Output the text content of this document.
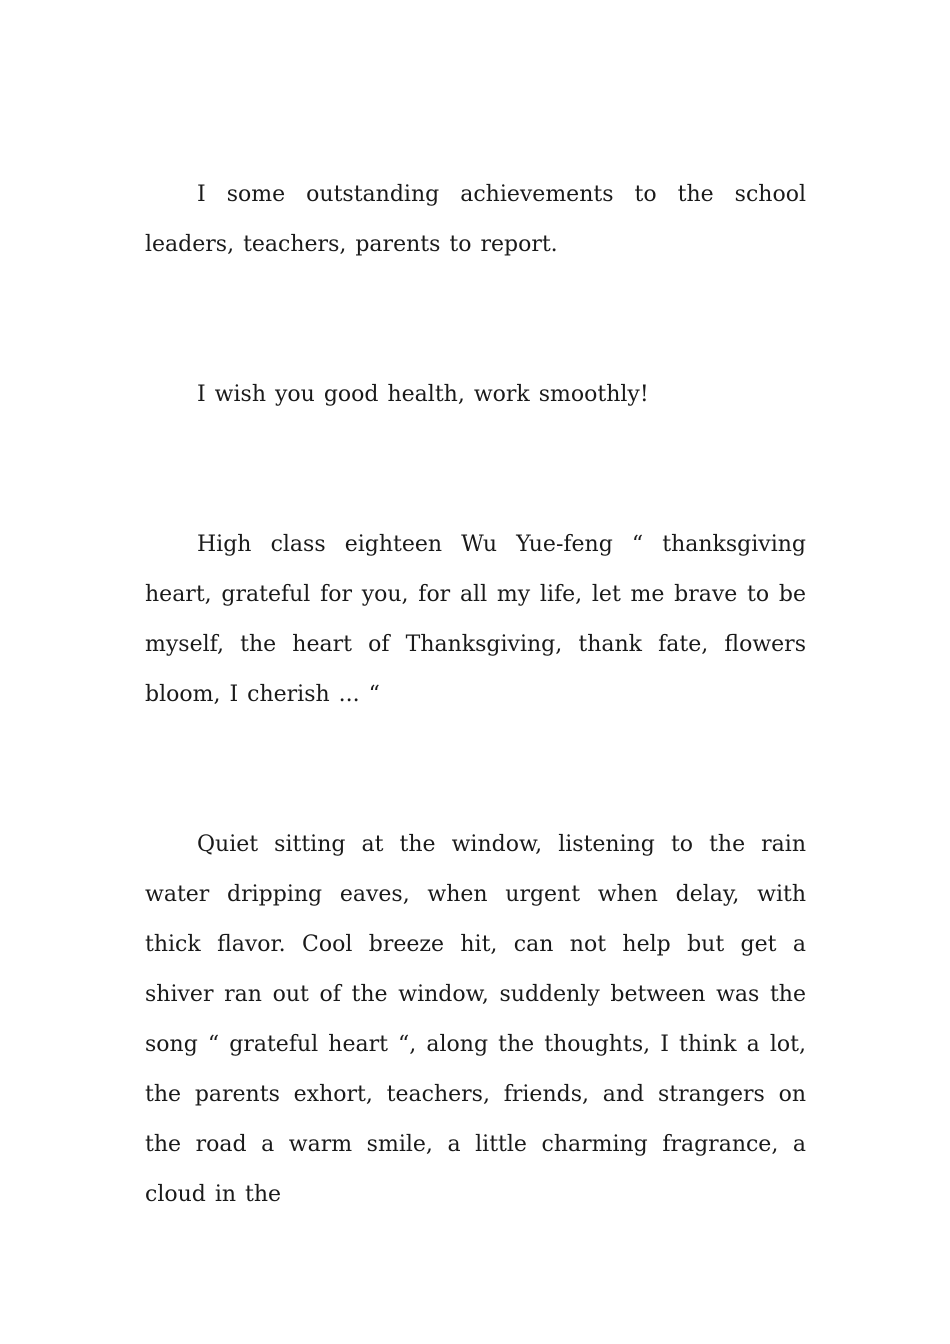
I some outstanding achievements to the school leaders, teachers, parents to report.

I wish you good health, work smoothly!

High class eighteen Wu Yue-feng “ thanksgiving heart, grateful for you, for all my life, let me brave to be myself, the heart of Thanksgiving, thank fate, flowers bloom, I cherish ... “

Quiet sitting at the window, listening to the rain water dripping eaves, when urgent when delay, with thick flavor. Cool breeze hit, can not help but get a shiver ran out of the window, suddenly between was the song “ grateful heart “, along the thoughts, I think a lot, the parents exhort, teachers, friends, and strangers on the road a warm smile, a little charming fragrance, a cloud in the
